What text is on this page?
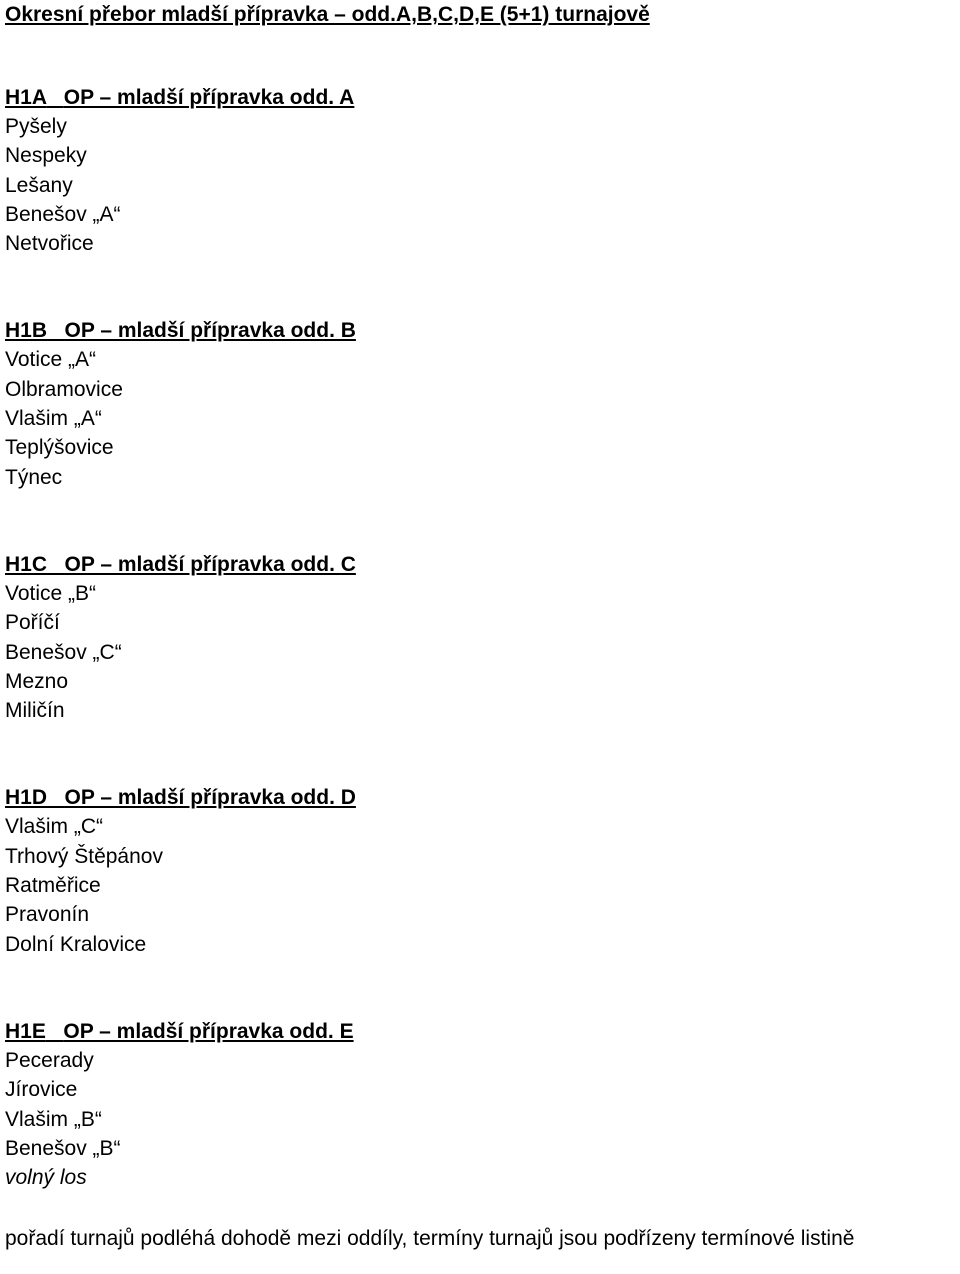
Okresní přebor mladší přípravka – odd.A,B,C,D,E (5+1) turnajově
H1A OP – mladší přípravka odd. A
Pyšely
Nespeky
Lešany
Benešov „A“
Netvořice
H1B OP – mladší přípravka odd. B
Votice „A“
Olbramovice
Vlašim „A“
Teplýšovice
Týnec
H1C OP – mladší přípravka odd. C
Votice „B“
Poříčí
Benešov „C“
Mezno
Miličín
H1D OP – mladší přípravka odd. D
Vlašim „C“
Trhový Štěpánov
Ratměřice
Pravonín
Dolní Kralovice
H1E OP – mladší přípravka odd. E
Pecerady
Jírovice
Vlašim „B“
Benešov „B“
volný los

pořadí turnajů podléhá dohodě mezi oddíly, termíny turnajů jsou podřízeny termínové listině
